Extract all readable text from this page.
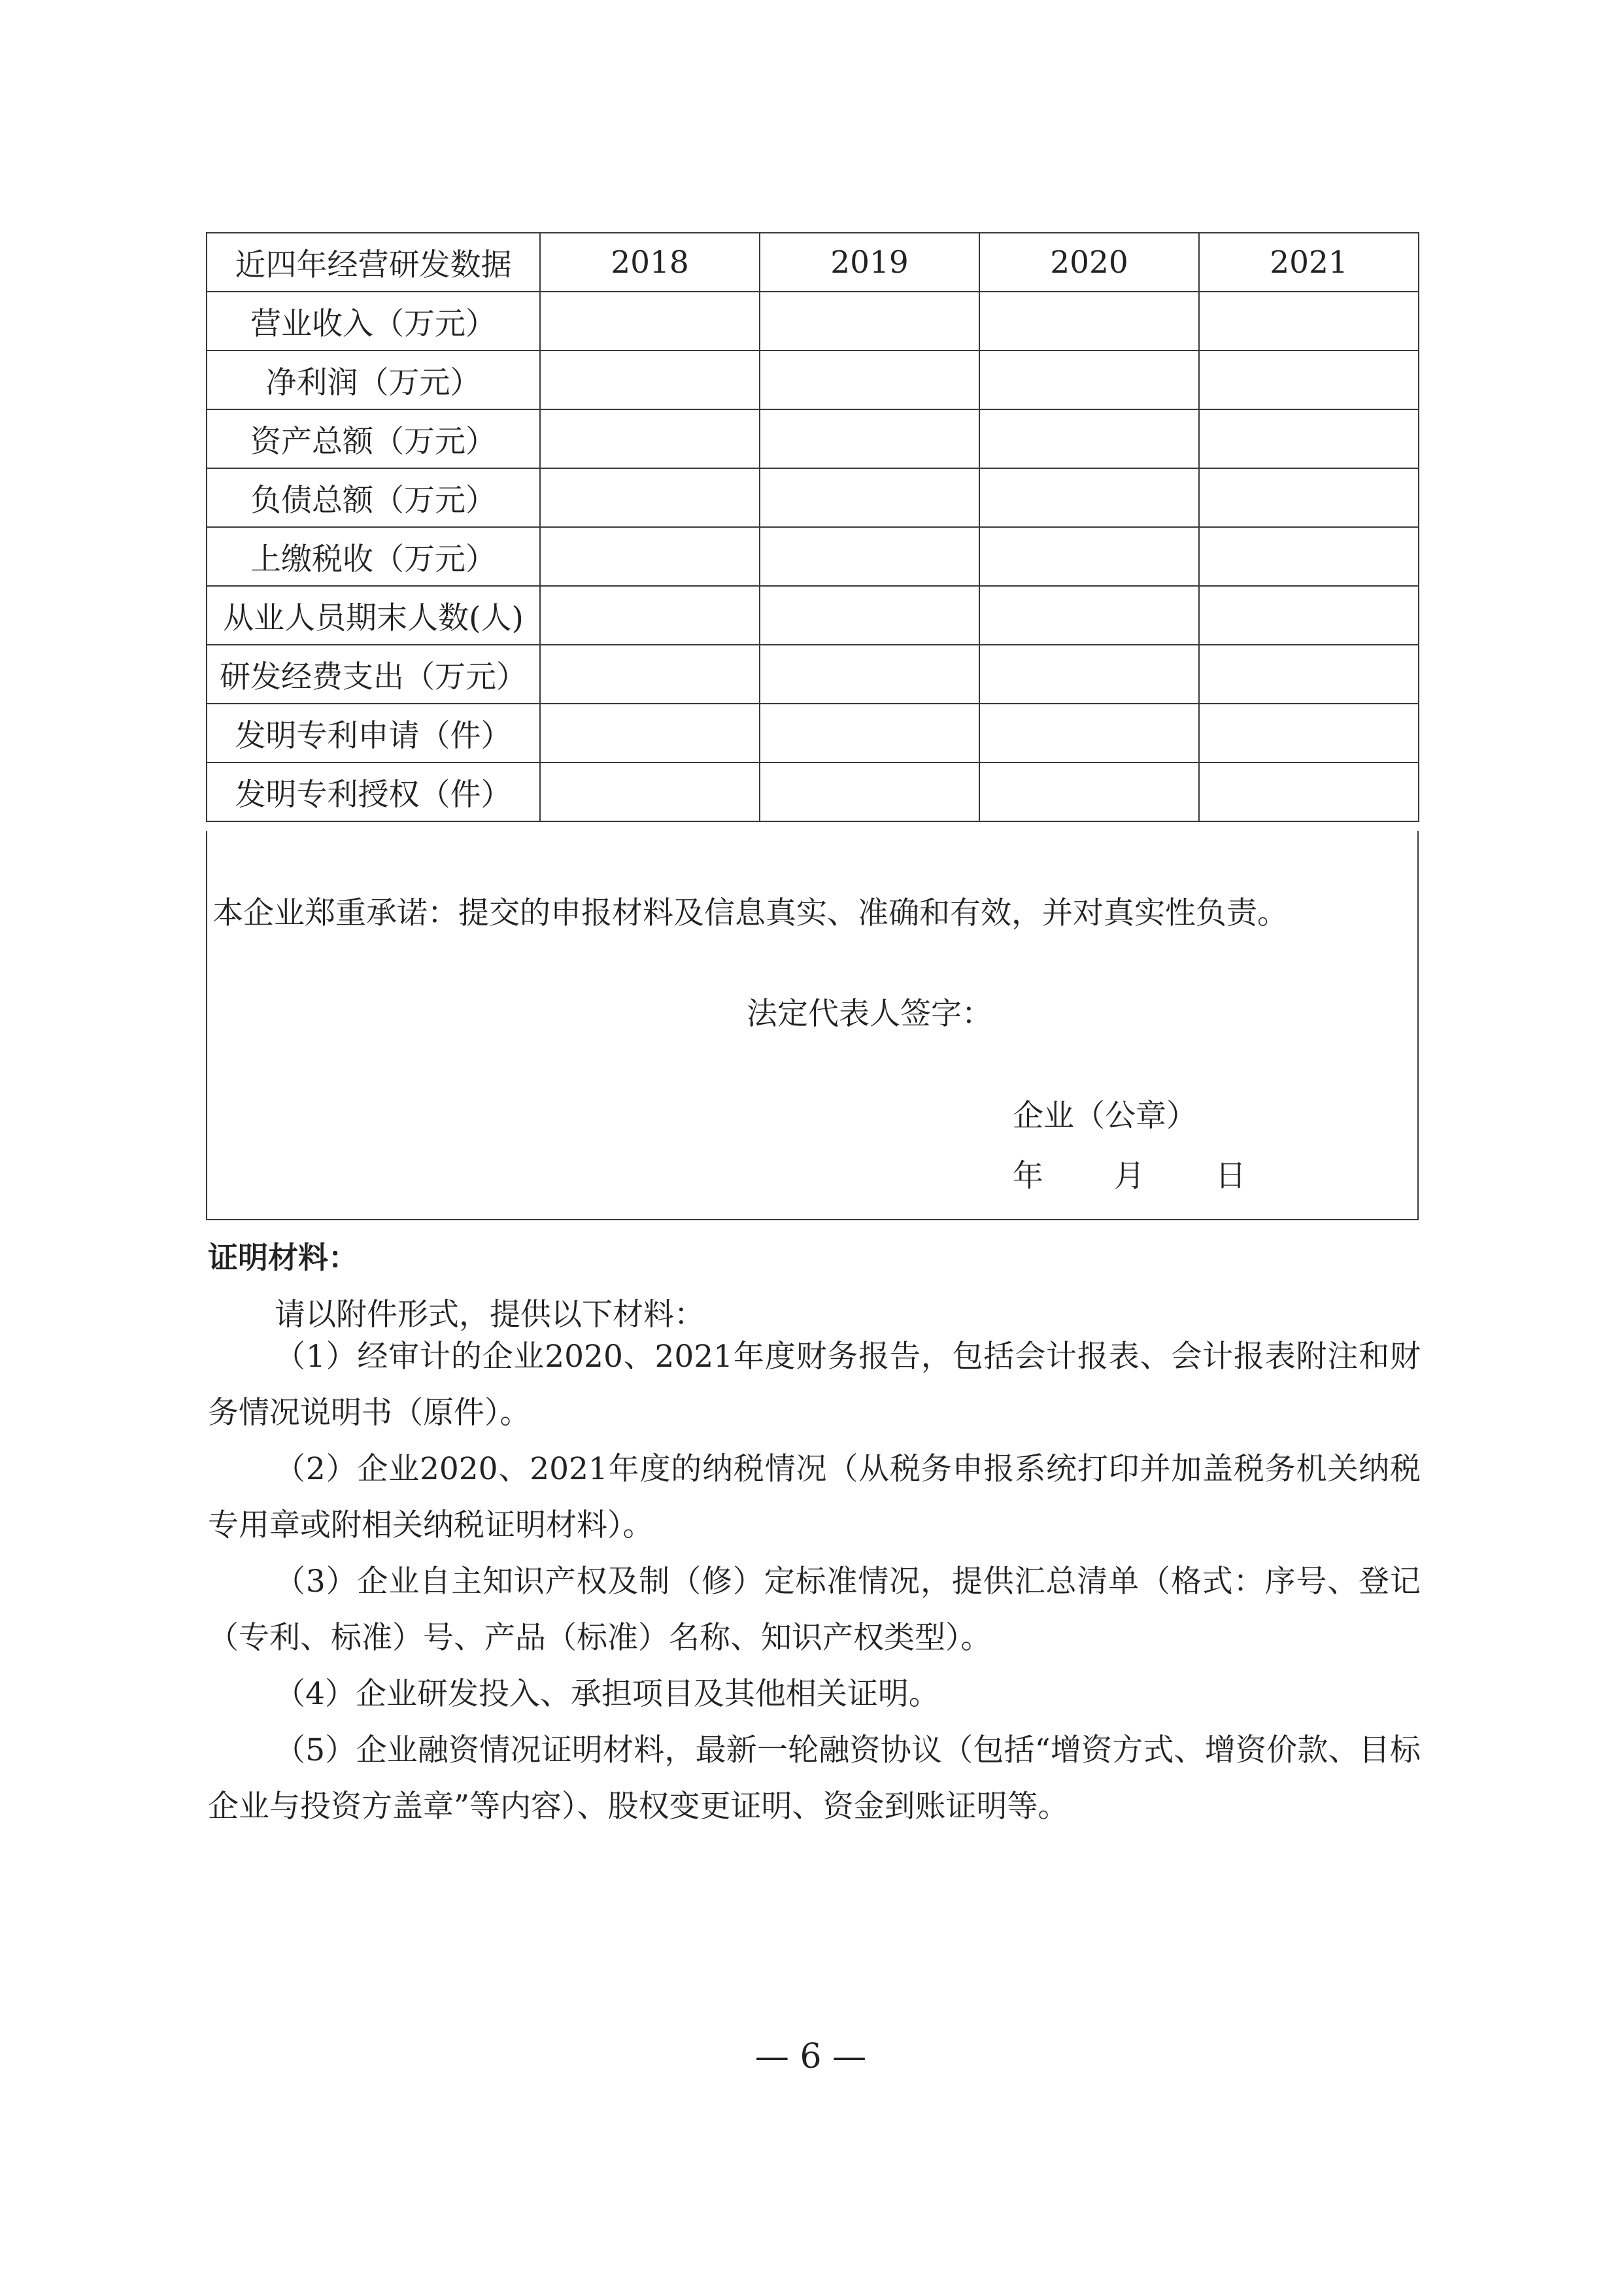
近四年经营研发数据	2018	2019	2020	2021
营业收入（万元）				
净利润（万元）				
资产总额（万元）				
负债总额（万元）				
上缴税收（万元）				
从业人员期末人数(人)				
研发经费支出（万元）				
发明专利申请（件）				
发明专利授权（件）				
本企业郑重承诺：提交的申报材料及信息真实、准确和有效，并对真实性负责。
法定代表人签字：
企业（公章）
年 月 日
证明材料：
请以附件形式，提供以下材料：
（1）经审计的企业2020、2021年度财务报告，包括会计报表、会计报表附注和财务情况说明书（原件）。
（2）企业2020、2021年度的纳税情况（从税务申报系统打印并加盖税务机关纳税专用章或附相关纳税证明材料）。
（3）企业自主知识产权及制（修）定标准情况，提供汇总清单（格式：序号、登记（专利、标准）号、产品（标准）名称、知识产权类型）。
（4）企业研发投入、承担项目及其他相关证明。
（5）企业融资情况证明材料，最新一轮融资协议（包括“增资方式、增资价款、目标企业与投资方盖章”等内容）、股权变更证明、资金到账证明等。
— 6 —
